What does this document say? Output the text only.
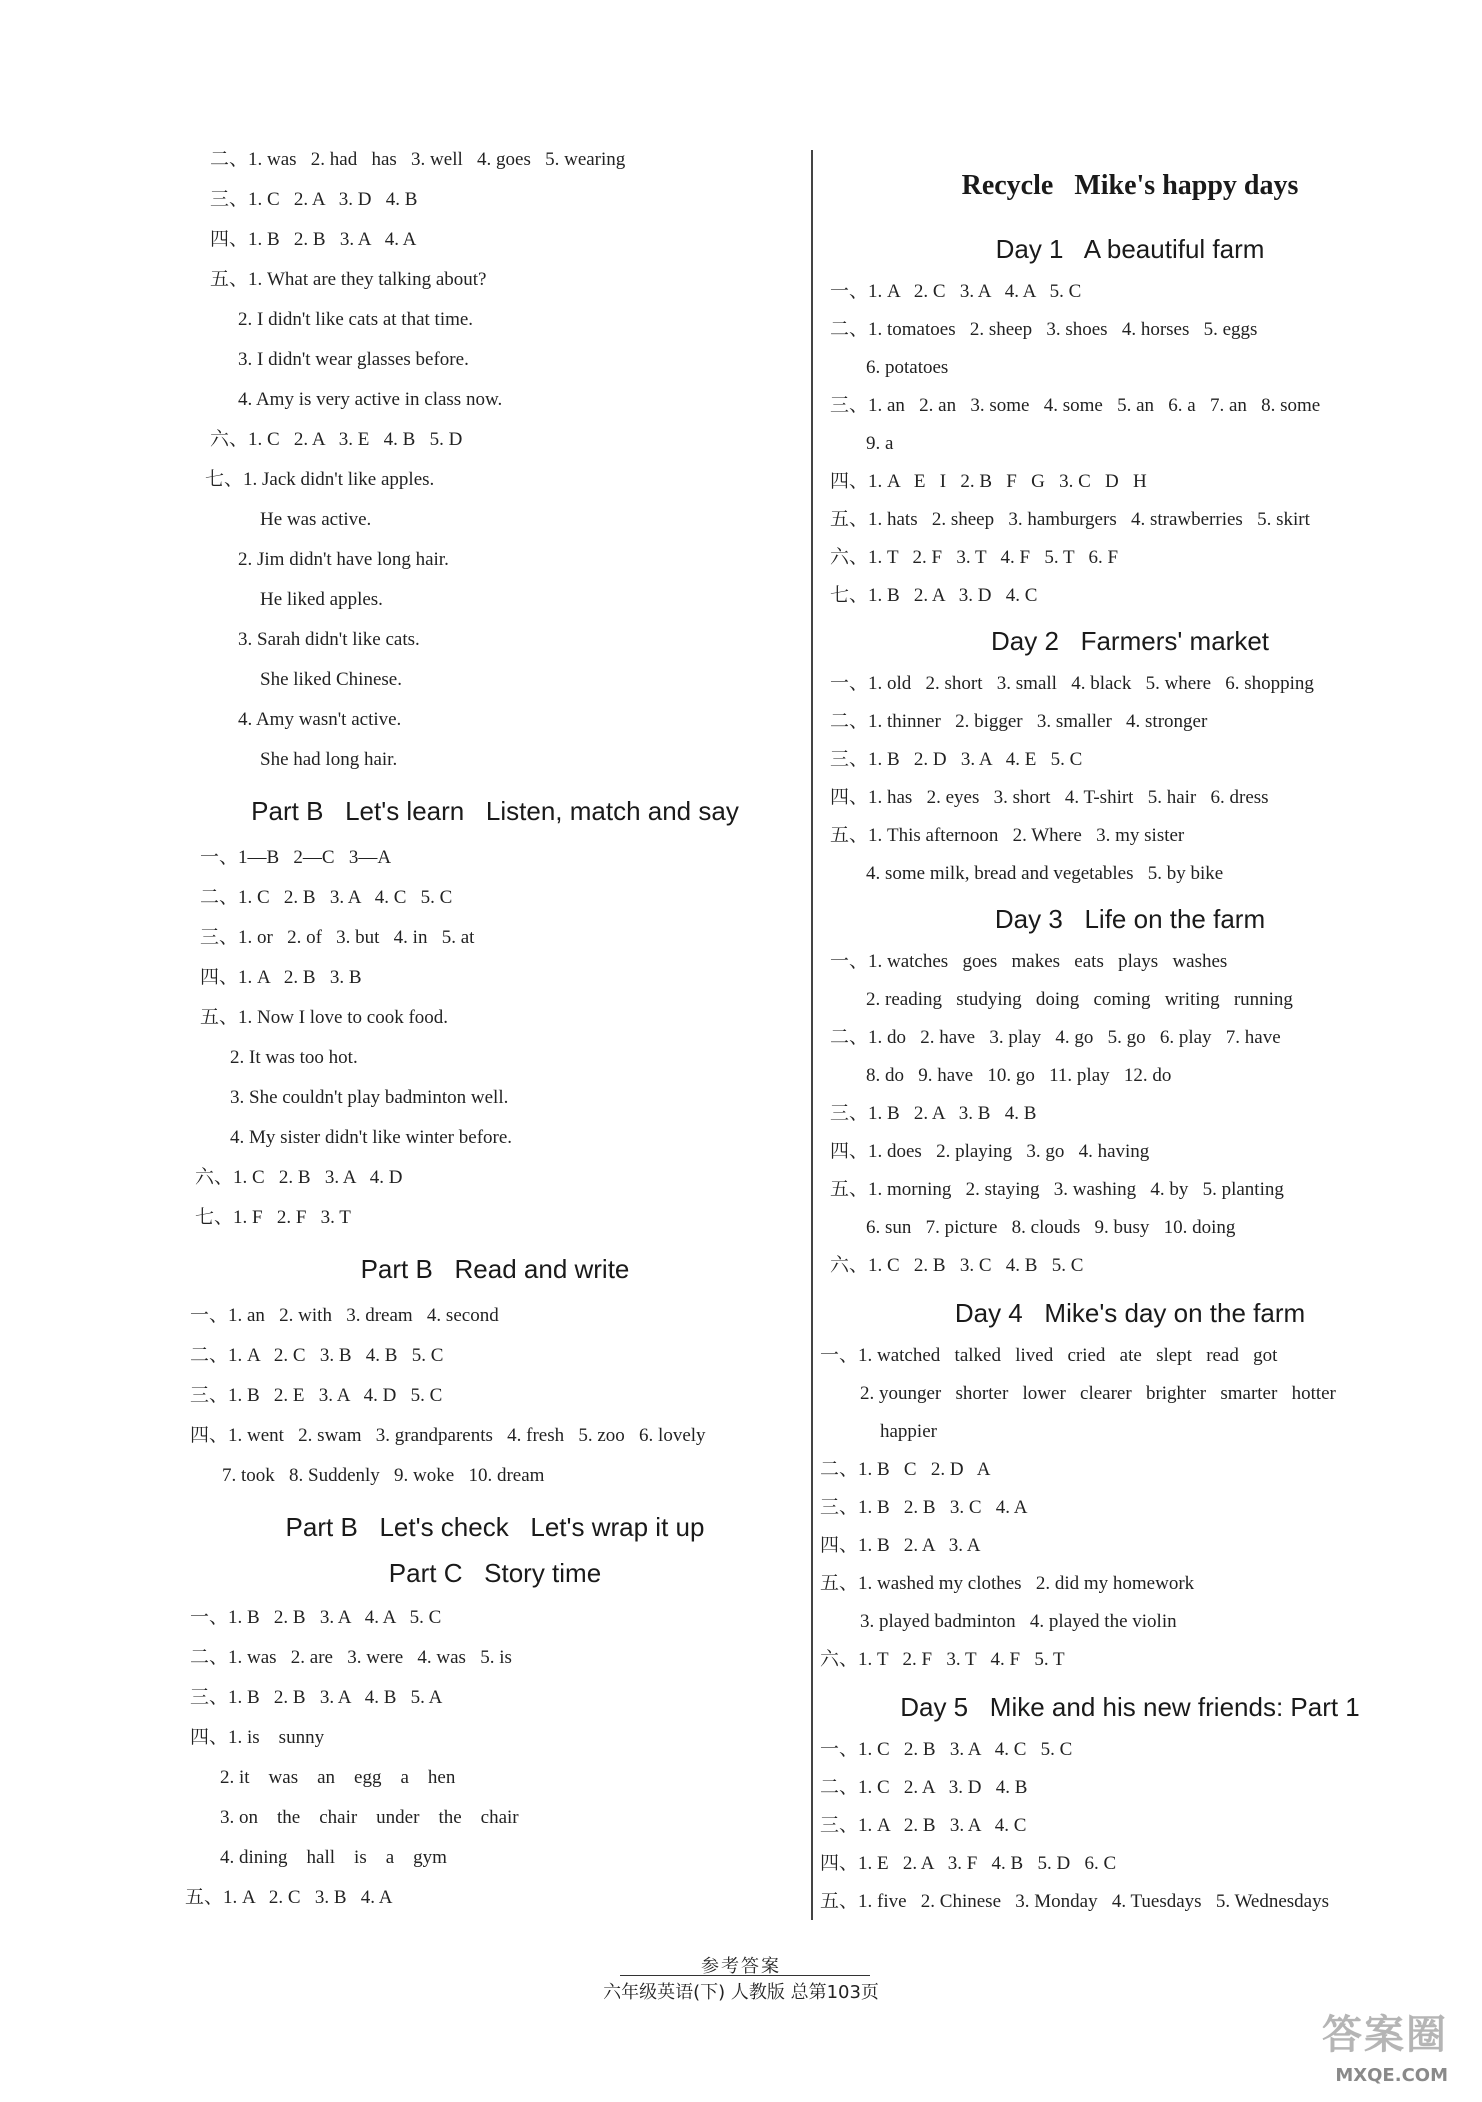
二、1. was   2. had   has   3. well   4. goes   5. wearing
三、1. C   2. A   3. D   4. B
四、1. B   2. B   3. A   4. A
五、1. What are they talking about?
2. I didn't like cats at that time.
3. I didn't wear glasses before.
4. Amy is very active in class now.
六、1. C   2. A   3. E   4. B   5. D
七、1. Jack didn't like apples.
He was active.
2. Jim didn't have long hair.
He liked apples.
3. Sarah didn't like cats.
She liked Chinese.
4. Amy wasn't active.
She had long hair.
Part B   Let's learn   Listen, match and say
一、1—B   2—C   3—A
二、1. C   2. B   3. A   4. C   5. C
三、1. or   2. of   3. but   4. in   5. at
四、1. A   2. B   3. B
五、1. Now I love to cook food.
2. It was too hot.
3. She couldn't play badminton well.
4. My sister didn't like winter before.
六、1. C   2. B   3. A   4. D
七、1. F   2. F   3. T
Part B   Read and write
一、1. an   2. with   3. dream   4. second
二、1. A   2. C   3. B   4. B   5. C
三、1. B   2. E   3. A   4. D   5. C
四、1. went   2. swam   3. grandparents   4. fresh   5. zoo   6. lovely
7. took   8. Suddenly   9. woke   10. dream
Part B   Let's check   Let's wrap it up
Part C   Story time
一、1. B   2. B   3. A   4. A   5. C
二、1. was   2. are   3. were   4. was   5. is
三、1. B   2. B   3. A   4. B   5. A
四、1. is    sunny
2. it    was    an    egg    a    hen
3. on    the    chair    under    the    chair
4. dining    hall    is    a    gym
五、1. A   2. C   3. B   4. A
Recycle   Mike's happy days
Day 1   A beautiful farm
一、1. A   2. C   3. A   4. A   5. C
二、1. tomatoes   2. sheep   3. shoes   4. horses   5. eggs
6. potatoes
三、1. an   2. an   3. some   4. some   5. an   6. a   7. an   8. some
9. a
四、1. A   E   I   2. B   F   G   3. C   D   H
五、1. hats   2. sheep   3. hamburgers   4. strawberries   5. skirt
六、1. T   2. F   3. T   4. F   5. T   6. F
七、1. B   2. A   3. D   4. C
Day 2   Farmers' market
一、1. old   2. short   3. small   4. black   5. where   6. shopping
二、1. thinner   2. bigger   3. smaller   4. stronger
三、1. B   2. D   3. A   4. E   5. C
四、1. has   2. eyes   3. short   4. T-shirt   5. hair   6. dress
五、1. This afternoon   2. Where   3. my sister
4. some milk, bread and vegetables   5. by bike
Day 3   Life on the farm
一、1. watches   goes   makes   eats   plays   washes
2. reading   studying   doing   coming   writing   running
二、1. do   2. have   3. play   4. go   5. go   6. play   7. have
8. do   9. have   10. go   11. play   12. do
三、1. B   2. A   3. B   4. B
四、1. does   2. playing   3. go   4. having
五、1. morning   2. staying   3. washing   4. by   5. planting
6. sun   7. picture   8. clouds   9. busy   10. doing
六、1. C   2. B   3. C   4. B   5. C
Day 4   Mike's day on the farm
一、1. watched   talked   lived   cried   ate   slept   read   got
2. younger   shorter   lower   clearer   brighter   smarter   hotter
happier
二、1. B   C   2. D   A
三、1. B   2. B   3. C   4. A
四、1. B   2. A   3. A
五、1. washed my clothes   2. did my homework
3. played badminton   4. played the violin
六、1. T   2. F   3. T   4. F   5. T
Day 5   Mike and his new friends: Part 1
一、1. C   2. B   3. A   4. C   5. C
二、1. C   2. A   3. D   4. B
三、1. A   2. B   3. A   4. C
四、1. E   2. A   3. F   4. B   5. D   6. C
五、1. five   2. Chinese   3. Monday   4. Tuesdays   5. Wednesdays
参考答案
六年级英语(下) 人教版 总第103页
答案圈
MXQE.COM
